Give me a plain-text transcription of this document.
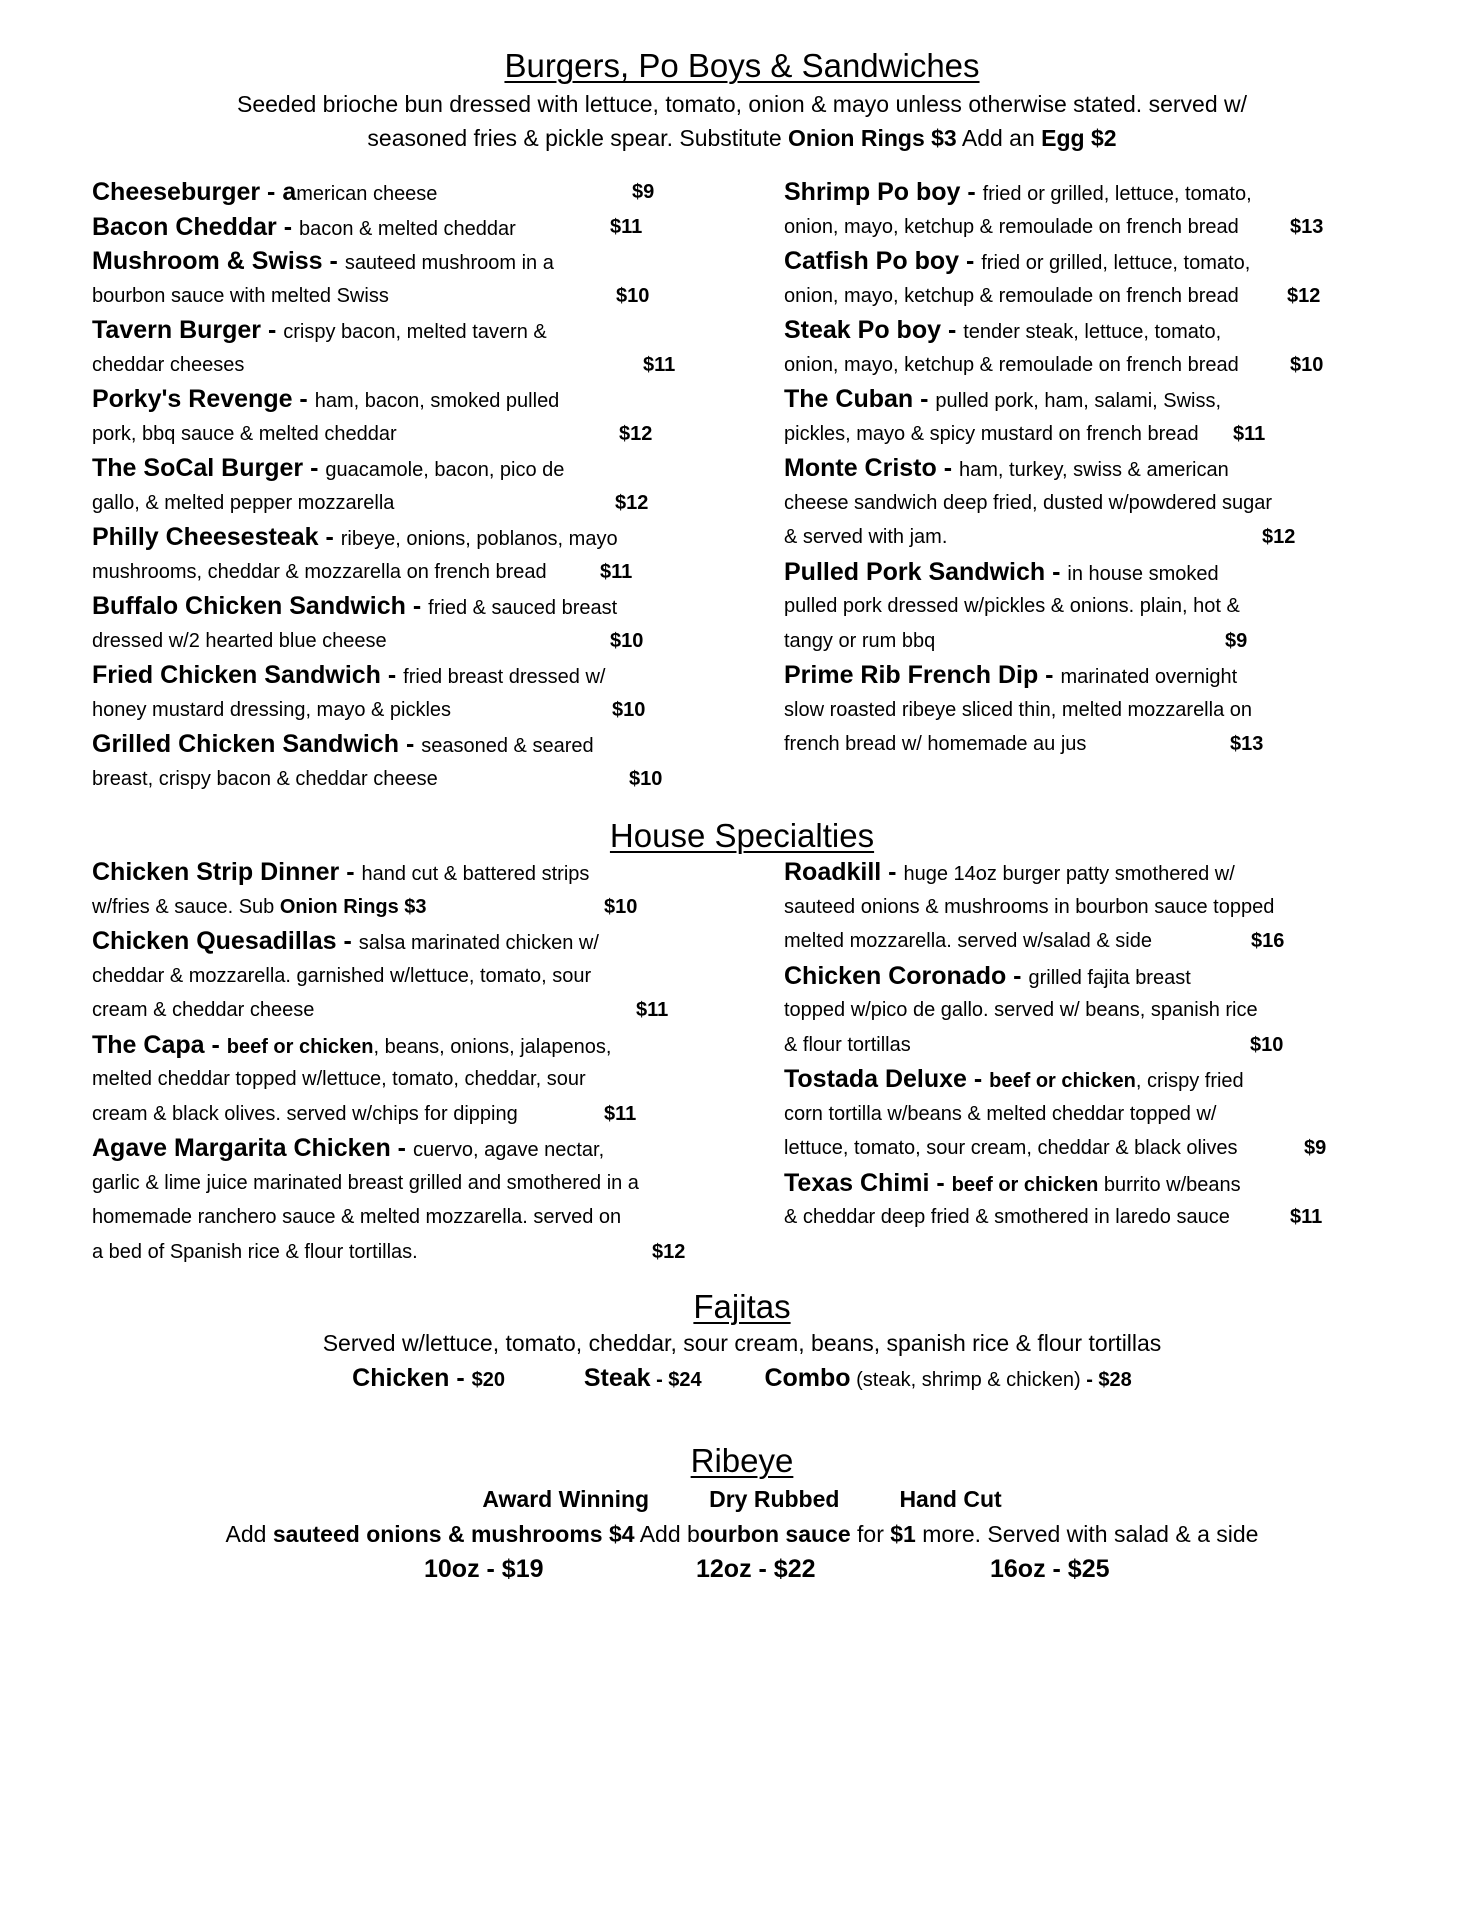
Burgers, Po Boys & Sandwiches
Seeded brioche bun dressed with lettuce, tomato, onion & mayo unless otherwise stated. served w/
seasoned fries & pickle spear. Substitute Onion Rings $3 Add an Egg $2
Cheeseburger - american cheese	$9
Bacon Cheddar - bacon & melted cheddar	$11
Mushroom & Swiss - sauteed mushroom in a
bourbon sauce with melted Swiss	$10
Tavern Burger - crispy bacon, melted tavern &
cheddar cheeses	$11
Porky's Revenge - ham, bacon, smoked pulled
pork, bbq sauce & melted cheddar	$12
The SoCal Burger - guacamole, bacon, pico de
gallo, & melted pepper mozzarella	$12
Philly Cheesesteak - ribeye, onions, poblanos, mayo
mushrooms, cheddar & mozzarella on french bread	$11
Buffalo Chicken Sandwich - fried & sauced breast
dressed w/2 hearted blue cheese	$10
Fried Chicken Sandwich - fried breast dressed w/
honey mustard dressing, mayo & pickles	$10
Grilled Chicken Sandwich - seasoned & seared
breast, crispy bacon & cheddar cheese	$10
Shrimp Po boy - fried or grilled, lettuce, tomato,
onion, mayo, ketchup & remoulade on french bread	$13
Catfish Po boy - fried or grilled, lettuce, tomato,
onion, mayo, ketchup & remoulade on french bread $12
Steak Po boy - tender steak, lettuce, tomato,
onion, mayo, ketchup & remoulade on french bread	$10
The Cuban - pulled pork, ham, salami, Swiss,
pickles, mayo & spicy mustard on french bread $11
Monte Cristo - ham, turkey, swiss & american
cheese sandwich deep fried, dusted w/powdered sugar
& served with jam.	$12
Pulled Pork Sandwich - in house smoked
pulled pork dressed w/pickles & onions. plain, hot &
tangy or rum bbq	$9
Prime Rib French Dip - marinated overnight
slow roasted ribeye sliced thin, melted mozzarella on
french bread w/ homemade au jus	$13
House Specialties
Chicken Strip Dinner - hand cut & battered strips
w/fries & sauce. Sub Onion Rings $3	$10
Chicken Quesadillas - salsa marinated chicken w/
cheddar & mozzarella. garnished w/lettuce, tomato, sour
cream & cheddar cheese	$11
The Capa - beef or chicken, beans, onions, jalapenos,
melted cheddar topped w/lettuce, tomato, cheddar, sour
cream & black olives. served w/chips for dipping	$11
Agave Margarita Chicken - cuervo, agave nectar,
garlic & lime juice marinated breast grilled and smothered in a
homemade ranchero sauce & melted mozzarella. served on
a bed of Spanish rice & flour tortillas.	$12
Roadkill - huge 14oz burger patty smothered w/
sauteed onions & mushrooms in bourbon sauce topped
melted mozzarella. served w/salad & side	$16
Chicken Coronado - grilled fajita breast
topped w/pico de gallo. served w/ beans, spanish rice
& flour tortillas	$10
Tostada Deluxe - beef or chicken, crispy fried
corn tortilla w/beans & melted cheddar topped w/
lettuce, tomato, sour cream, cheddar & black olives	$9
Texas Chimi - beef or chicken burrito w/beans
& cheddar deep fried & smothered in laredo sauce	$11
Fajitas
Served w/lettuce, tomato, cheddar, sour cream, beans, spanish rice & flour tortillas
Chicken - $20	Steak - $24	Combo (steak, shrimp & chicken) - $28
Ribeye
Award Winning	Dry Rubbed	Hand Cut
Add sauteed onions & mushrooms $4 Add bourbon sauce for $1 more. Served with salad & a side
10oz - $19	12oz - $22	16oz - $25
